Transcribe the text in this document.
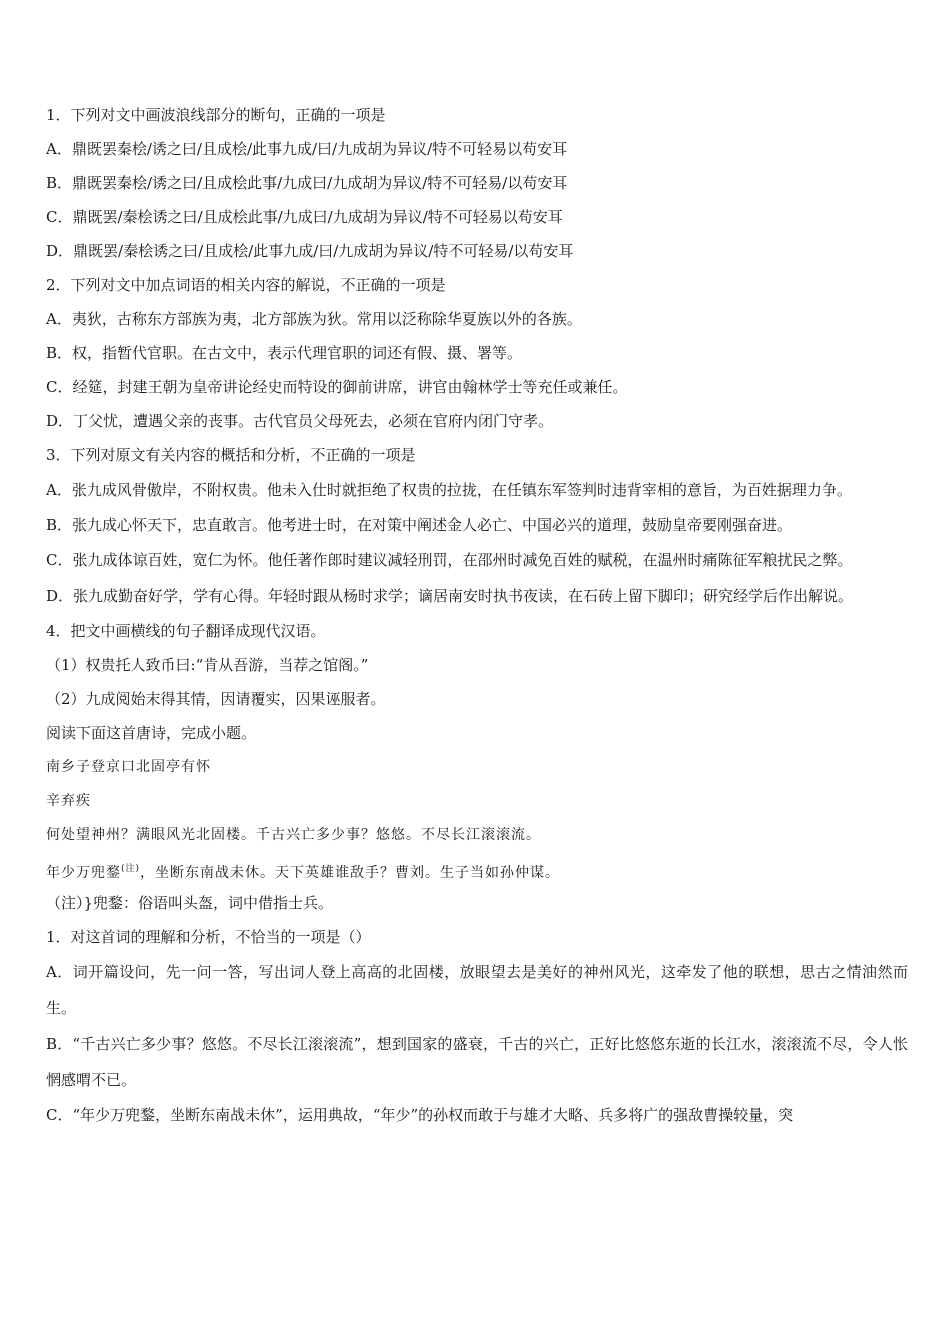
1．下列对文中画波浪线部分的断句，正确的一项是
A．鼎既罢秦桧/诱之曰/且成桧/此事九成/曰/九成胡为异议/特不可轻易以苟安耳
B．鼎既罢秦桧/诱之曰/且成桧此事/九成曰/九成胡为异议/特不可轻易/以苟安耳
C．鼎既罢/秦桧诱之曰/且成桧此事/九成曰/九成胡为异议/特不可轻易以苟安耳
D．鼎既罢/秦桧诱之曰/且成桧/此事九成/曰/九成胡为异议/特不可轻易/以苟安耳
2．下列对文中加点词语的相关内容的解说，不正确的一项是
A．夷狄，古称东方部族为夷，北方部族为狄。常用以泛称除华夏族以外的各族。
B．权，指暂代官职。在古文中，表示代理官职的词还有假、摄、署等。
C．经筵，封建王朝为皇帝讲论经史而特设的御前讲席，讲官由翰林学士等充任或兼任。
D．丁父忧，遭遇父亲的丧事。古代官员父母死去，必须在官府内闭门守孝。
3．下列对原文有关内容的概括和分析，不正确的一项是
A．张九成风骨傲岸，不附权贵。他未入仕时就拒绝了权贵的拉拢，在任镇东军签判时违背宰相的意旨，为百姓据理力争。
B．张九成心怀天下，忠直敢言。他考进士时，在对策中阐述金人必亡、中国必兴的道理，鼓励皇帝要刚强奋进。
C．张九成体谅百姓，宽仁为怀。他任著作郎时建议减轻刑罚，在邵州时减免百姓的赋税，在温州时痛陈征军粮扰民之弊。
D．张九成勤奋好学，学有心得。年轻时跟从杨时求学；谪居南安时执书夜读，在石砖上留下脚印；研究经学后作出解说。
4．把文中画横线的句子翻译成现代汉语。
（1）权贵托人致币曰:“肯从吾游，当荐之馆阁。”
（2）九成阅始末得其情，因请覆实，囚果诬服者。
阅读下面这首唐诗，完成小题。
南乡子登京口北固亭有怀
辛弃疾
何处望神州？满眼风光北固楼。千古兴亡多少事？悠悠。不尽长江滚滚流。
年少万兜鍪$^{(注)}$，坐断东南战未休。天下英雄谁敌手？曹刘。生子当如孙仲谋。
（注）}兜鍪：俗语叫头盔，词中借指士兵。
1．对这首词的理解和分析，不恰当的一项是（）
A．词开篇设问，先一问一答，写出词人登上高高的北固楼，放眼望去是美好的神州风光，这牵发了他的联想，思古之情油然而生。
B．“千古兴亡多少事？悠悠。不尽长江滚滚流”，想到国家的盛衰，千古的兴亡，正好比悠悠东逝的长江水，滚滚流不尽，令人怅惘感喟不已。
C．“年少万兜鍪，坐断东南战未休”，运用典故，“年少”的孙权而敢于与雄才大略、兵多将广的强敌曹操较量，突
